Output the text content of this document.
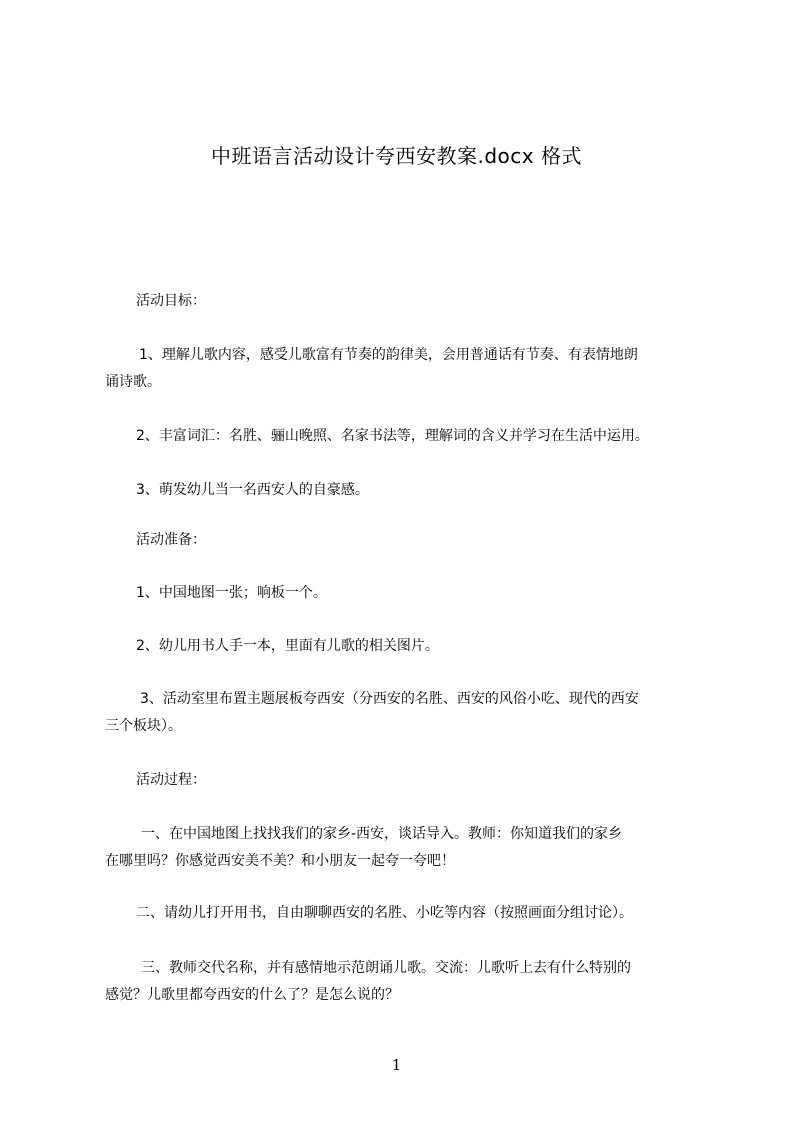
中班语言活动设计夸西安教案.docx 格式
活动目标：
1、理解儿歌内容，感受儿歌富有节奏的韵律美，会用普通话有节奏、有表情地朗
诵诗歌。
2、丰富词汇：名胜、骊山晚照、名家书法等，理解词的含义并学习在生活中运用。
3、萌发幼儿当一名西安人的自豪感。
活动准备：
1、中国地图一张；响板一个。
2、幼儿用书人手一本，里面有儿歌的相关图片。
3、活动室里布置主题展板夸西安（分西安的名胜、西安的风俗小吃、现代的西安
三个板块）。
活动过程：
一、在中国地图上找找我们的家乡-西安，谈话导入。教师：你知道我们的家乡
在哪里吗？你感觉西安美不美？和小朋友一起夸一夸吧！
二、请幼儿打开用书，自由聊聊西安的名胜、小吃等内容（按照画面分组讨论）。
三、教师交代名称，并有感情地示范朗诵儿歌。交流：儿歌听上去有什么特别的
感觉？儿歌里都夸西安的什么了？是怎么说的？
1
